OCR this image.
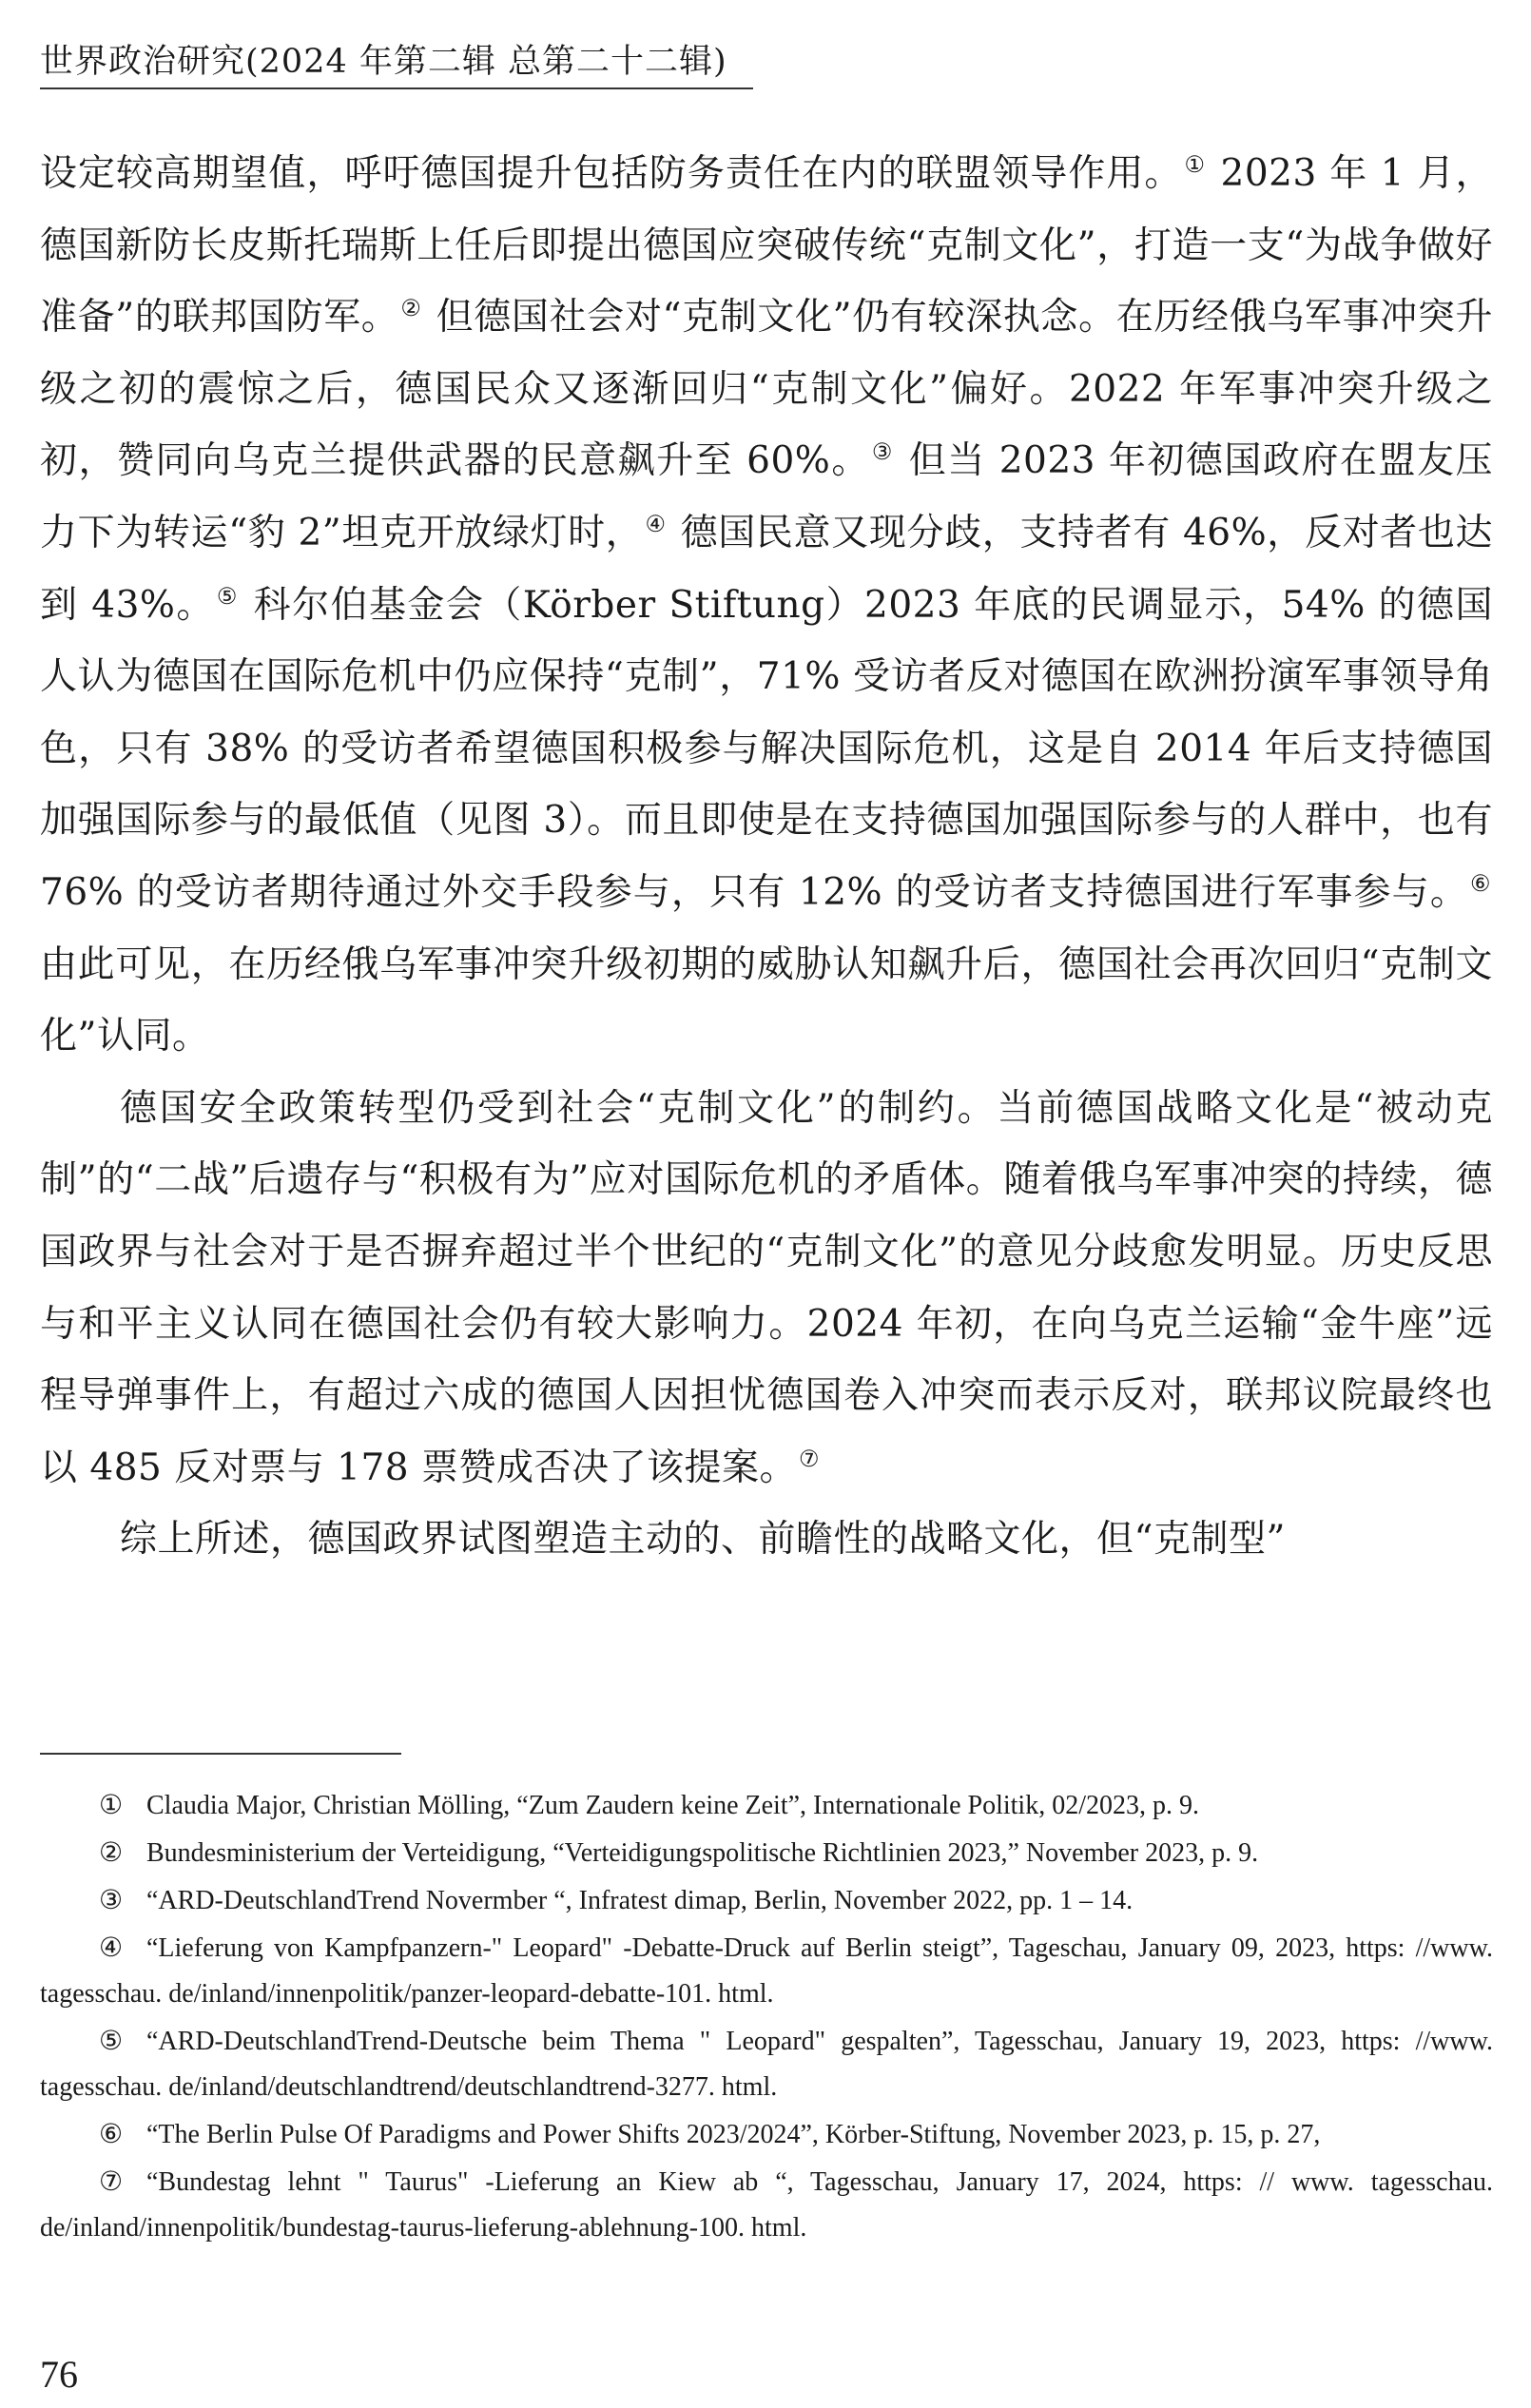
世界政治研究(2024 年第二辑 总第二十二辑)

设定较高期望值，呼吁德国提升包括防务责任在内的联盟领导作用。① 2023 年 1 月，德国新防长皮斯托瑞斯上任后即提出德国应突破传统“克制文化”，打造一支“为战争做好准备”的联邦国防军。② 但德国社会对“克制文化”仍有较深执念。在历经俄乌军事冲突升级之初的震惊之后，德国民众又逐渐回归“克制文化”偏好。2022 年军事冲突升级之初，赞同向乌克兰提供武器的民意飙升至 60%。③ 但当 2023 年初德国政府在盟友压力下为转运“豹 2”坦克开放绿灯时，④ 德国民意又现分歧，支持者有 46%，反对者也达到 43%。⑤ 科尔伯基金会（Körber Stiftung）2023 年底的民调显示，54% 的德国人认为德国在国际危机中仍应保持“克制”，71% 受访者反对德国在欧洲扮演军事领导角色，只有 38% 的受访者希望德国积极参与解决国际危机，这是自 2014 年后支持德国加强国际参与的最低值（见图 3）。而且即使是在支持德国加强国际参与的人群中，也有 76% 的受访者期待通过外交手段参与，只有 12% 的受访者支持德国进行军事参与。⑥由此可见，在历经俄乌军事冲突升级初期的威胁认知飙升后，德国社会再次回归“克制文化”认同。

德国安全政策转型仍受到社会“克制文化”的制约。当前德国战略文化是“被动克制”的“二战”后遗存与“积极有为”应对国际危机的矛盾体。随着俄乌军事冲突的持续，德国政界与社会对于是否摒弃超过半个世纪的“克制文化”的意见分歧愈发明显。历史反思与和平主义认同在德国社会仍有较大影响力。2024 年初，在向乌克兰运输“金牛座”远程导弹事件上，有超过六成的德国人因担忧德国卷入冲突而表示反对，联邦议院最终也以 485 反对票与 178 票赞成否决了该提案。⑦

综上所述，德国政界试图塑造主动的、前瞻性的战略文化，但“克制型”

① Claudia Major, Christian Mölling, “Zum Zaudern keine Zeit”, Internationale Politik, 02/2023, p. 9.

② Bundesministerium der Verteidigung, “Verteidigungspolitische Richtlinien 2023,” November 2023, p. 9.

③ “ARD-DeutschlandTrend Novermber “, Infratest dimap, Berlin, November 2022, pp. 1 – 14.

④ “Lieferung von Kampfpanzern-" Leopard" -Debatte-Druck auf Berlin steigt”, Tageschau, January 09, 2023, https: //www. tagesschau. de/inland/innenpolitik/panzer-leopard-debatte-101. html.

⑤ “ARD-DeutschlandTrend-Deutsche beim Thema " Leopard" gespalten”, Tagesschau, January 19, 2023, https: //www. tagesschau. de/inland/deutschlandtrend/deutschlandtrend-3277. html.

⑥ “The Berlin Pulse Of Paradigms and Power Shifts 2023/2024”, Körber-Stiftung, November 2023, p. 15, p. 27,

⑦ “Bundestag lehnt " Taurus" -Lieferung an Kiew ab “, Tagesschau, January 17, 2024, https: // www. tagesschau. de/inland/innenpolitik/bundestag-taurus-lieferung-ablehnung-100. html.

76
